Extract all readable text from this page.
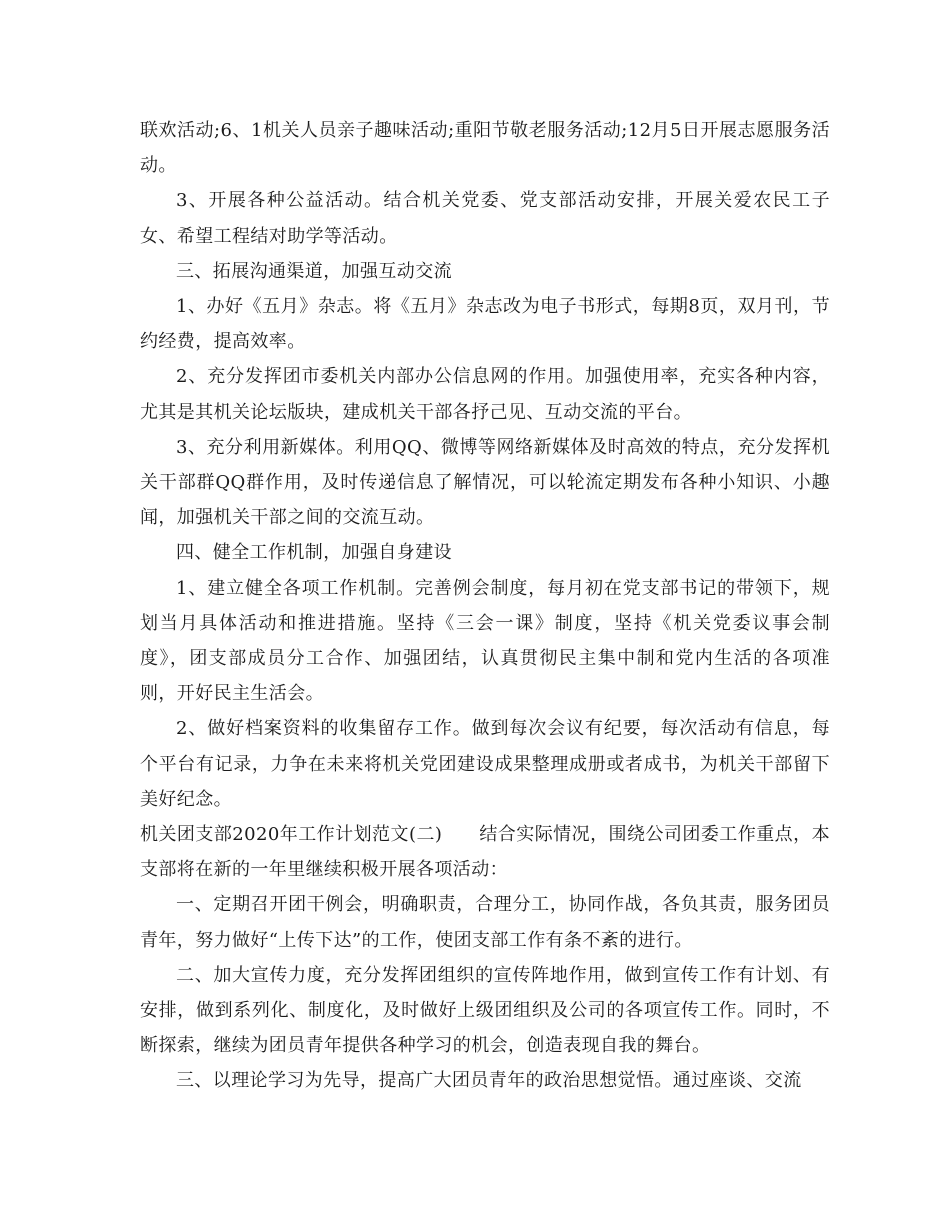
联欢活动;6、1机关人员亲子趣味活动;重阳节敬老服务活动;12月5日开展志愿服务活动。

3、开展各种公益活动。结合机关党委、党支部活动安排，开展关爱农民工子女、希望工程结对助学等活动。

三、拓展沟通渠道，加强互动交流

1、办好《五月》杂志。将《五月》杂志改为电子书形式，每期8页，双月刊，节约经费，提高效率。

2、充分发挥团市委机关内部办公信息网的作用。加强使用率，充实各种内容，尤其是其机关论坛版块，建成机关干部各抒己见、互动交流的平台。

3、充分利用新媒体。利用QQ、微博等网络新媒体及时高效的特点，充分发挥机关干部群QQ群作用，及时传递信息了解情况，可以轮流定期发布各种小知识、小趣闻，加强机关干部之间的交流互动。

四、健全工作机制，加强自身建设

1、建立健全各项工作机制。完善例会制度，每月初在党支部书记的带领下，规划当月具体活动和推进措施。坚持《三会一课》制度，坚持《机关党委议事会制度》，团支部成员分工合作、加强团结，认真贯彻民主集中制和党内生活的各项准则，开好民主生活会。

2、做好档案资料的收集留存工作。做到每次会议有纪要，每次活动有信息，每个平台有记录，力争在未来将机关党团建设成果整理成册或者成书，为机关干部留下美好纪念。

机关团支部2020年工作计划范文(二)　　结合实际情况，围绕公司团委工作重点，本支部将在新的一年里继续积极开展各项活动：

一、定期召开团干例会，明确职责，合理分工，协同作战，各负其责，服务团员青年，努力做好“上传下达”的工作，使团支部工作有条不紊的进行。

二、加大宣传力度，充分发挥团组织的宣传阵地作用，做到宣传工作有计划、有安排，做到系列化、制度化，及时做好上级团组织及公司的各项宣传工作。同时，不断探索，继续为团员青年提供各种学习的机会，创造表现自我的舞台。

三、以理论学习为先导，提高广大团员青年的政治思想觉悟。通过座谈、交流
